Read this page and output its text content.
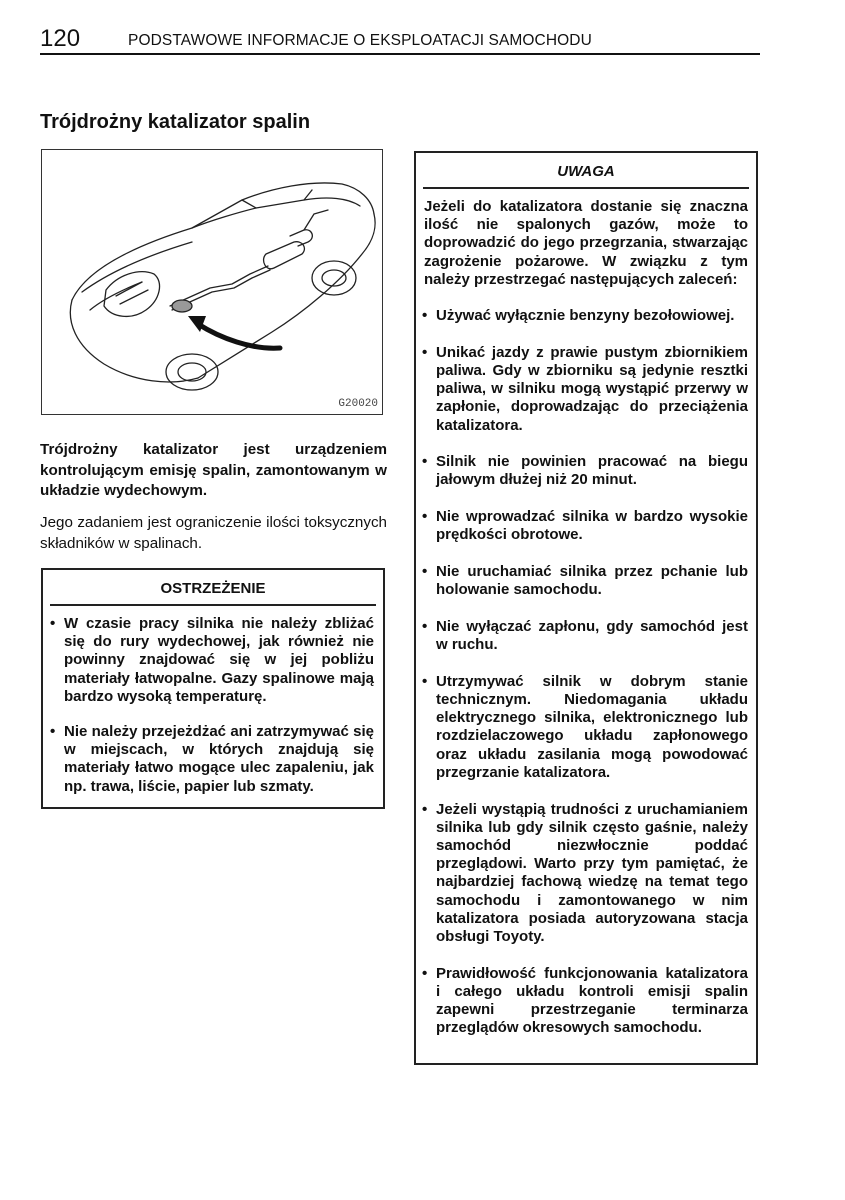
120	PODSTAWOWE INFORMACJE O EKSPLOATACJI SAMOCHODU
Trójdrożny katalizator spalin
G20020

Trójdrożny katalizator jest urządzeniem kontrolującym emisję spalin, zamontowanym w układzie wydechowym.

Jego zadaniem jest ograniczenie ilości toksycznych składników w spalinach.

OSTRZEŻENIE
• W czasie pracy silnika nie należy zbliżać się do rury wydechowej, jak również nie powinny znajdować się w jej pobliżu materiały łatwopalne. Gazy spalinowe mają bardzo wysoką temperaturę.
• Nie należy przejeżdżać ani zatrzymywać się w miejscach, w których znajdują się materiały łatwo mogące ulec zapaleniu, jak np. trawa, liście, papier lub szmaty.
UWAGA

Jeżeli do katalizatora dostanie się znaczna ilość nie spalonych gazów, może to doprowadzić do jego przegrzania, stwarzając zagrożenie pożarowe. W związku z tym należy przestrzegać następujących zaleceń:

• Używać wyłącznie benzyny bezołowiowej.
• Unikać jazdy z prawie pustym zbiornikiem paliwa. Gdy w zbiorniku są jedynie resztki paliwa, w silniku mogą wystąpić przerwy w zapłonie, doprowadzając do przeciążenia katalizatora.
• Silnik nie powinien pracować na biegu jałowym dłużej niż 20 minut.
• Nie wprowadzać silnika w bardzo wysokie prędkości obrotowe.
• Nie uruchamiać silnika przez pchanie lub holowanie samochodu.
• Nie wyłączać zapłonu, gdy samochód jest w ruchu.
• Utrzymywać silnik w dobrym stanie technicznym. Niedomagania układu elektrycznego silnika, elektronicznego lub rozdzielaczowego układu zapłonowego oraz układu zasilania mogą powodować przegrzanie katalizatora.
• Jeżeli wystąpią trudności z uruchamianiem silnika lub gdy silnik często gaśnie, należy samochód niezwłocznie poddać przeglądowi. Warto przy tym pamiętać, że najbardziej fachową wiedzę na temat tego samochodu i zamontowanego w nim katalizatora posiada autoryzowana stacja obsługi Toyoty.
• Prawidłowość funkcjonowania katalizatora i całego układu kontroli emisji spalin zapewni przestrzeganie terminarza przeglądów okresowych samochodu.
